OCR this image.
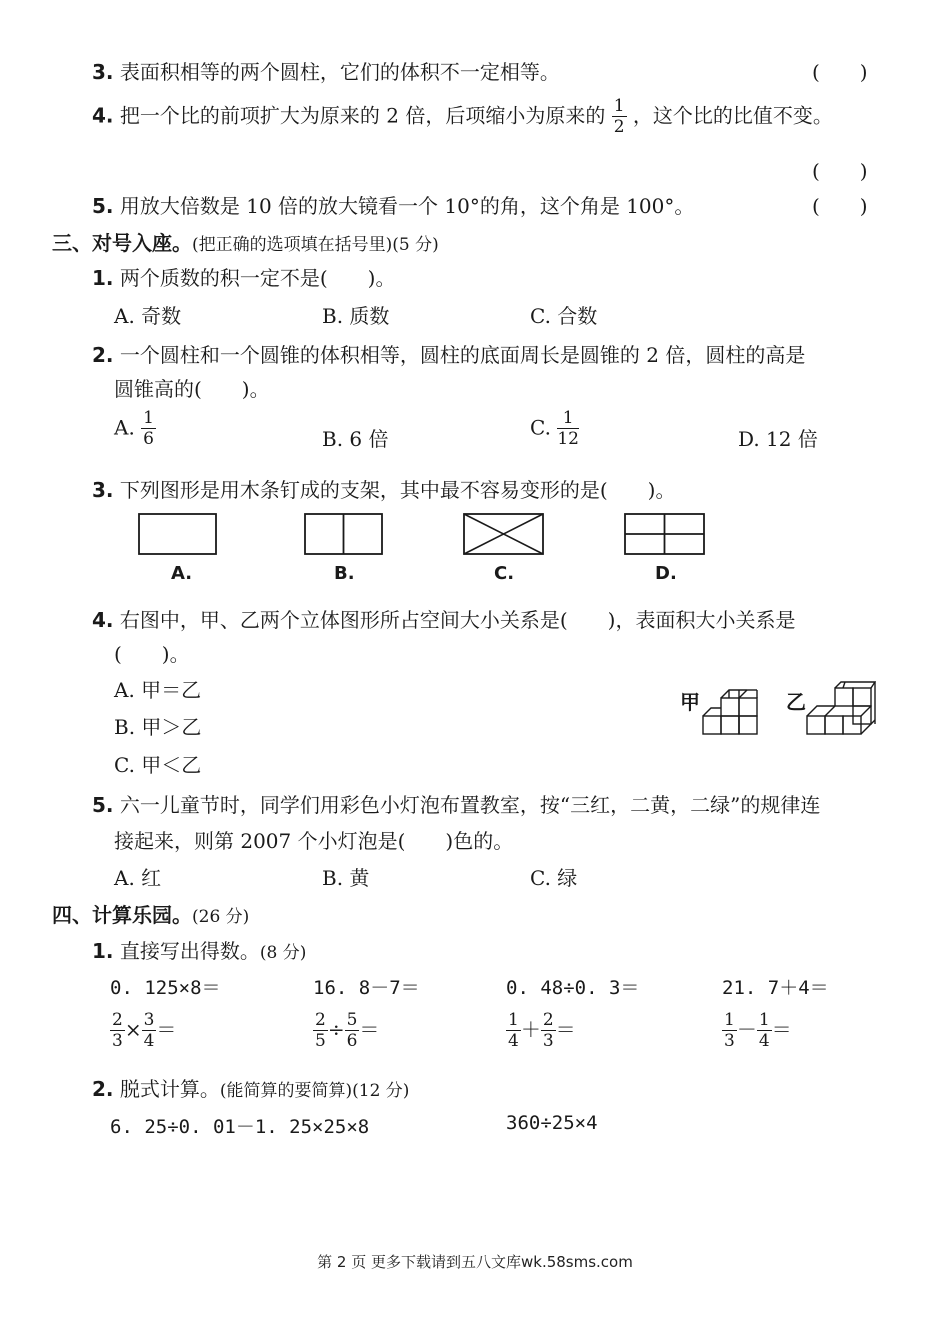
3. 表面积相等的两个圆柱，它们的体积不一定相等。	(　　)
4. 把一个比的前项扩大为原来的 2 倍，后项缩小为原来的 $\frac{1}{2}$ ，这个比的比值不变。
(　　)
5. 用放大倍数是 10 倍的放大镜看一个 10°的角，这个角是 100°。	(　　)
三、对号入座。(把正确的选项填在括号里)(5 分)
1. 两个质数的积一定不是(　　)。
A. 奇数	B. 质数	C. 合数
2. 一个圆柱和一个圆锥的体积相等，圆柱的底面周长是圆锥的 2 倍，圆柱的高是
圆锥高的(　　)。
A. $\frac{1}{6}$	B. 6 倍	C. $\frac{1}{12}$	D. 12 倍
3. 下列图形是用木条钉成的支架，其中最不容易变形的是(　　)。
A.	B.	C.	D.
4. 右图中，甲、乙两个立体图形所占空间大小关系是(　　)，表面积大小关系是
(　　)。
A. 甲＝乙
B. 甲＞乙
C. 甲＜乙
甲	乙
5. 六一儿童节时，同学们用彩色小灯泡布置教室，按“三红，二黄，二绿”的规律连
接起来，则第 2007 个小灯泡是(　　)色的。
A. 红	B. 黄	C. 绿
四、计算乐园。(26 分)
1. 直接写出得数。(8 分)
0. 125×8＝	16. 8－7＝	0. 48÷0. 3＝	21. 7＋4＝
$\frac{2}{3} \times \frac{3}{4}$ ＝	$\frac{2}{5} \div \frac{5}{6}$ ＝	$\frac{1}{4} + \frac{2}{3}$ ＝	$\frac{1}{3} - \frac{1}{4}$ ＝
2. 脱式计算。(能简算的要简算)(12 分)
6. 25÷0. 01－1. 25×25×8	360÷25×4
第 2 页 更多下载请到五八文库wk.58sms.com
